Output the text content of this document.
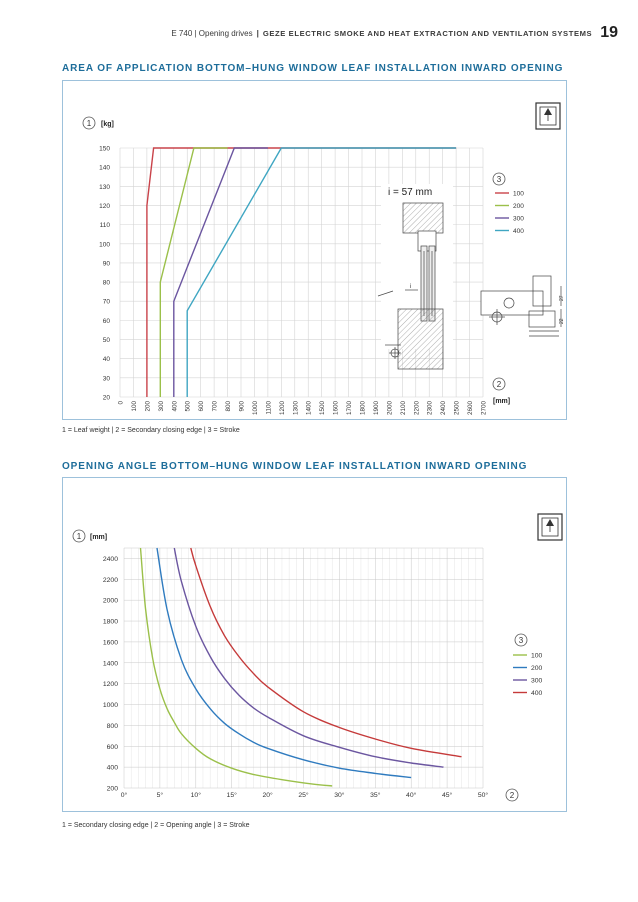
E 740 | Opening drives | GEZE ELECTRIC SMOKE AND HEAT EXTRACTION AND VENTILATION SYSTEMS 19
AREA OF APPLICATION BOTTOM–HUNG WINDOW LEAF INSTALLATION INWARD OPENING
20
30
40
50
60
70
80
90
100
110
120
130
140
150
0 100 200 300 400 500 600 700 800 900 1000 1100 1200 1300 1400 1500 1600 1700 1800 1900 2000 2100 2200 2300 2400 2500 2600 2700
100
200
300
400
1 [kg]
3
2
[mm]
i = 57 mm
i
27
22
1 = Leaf weight | 2 = Secondary closing edge | 3 = Stroke
OPENING ANGLE BOTTOM–HUNG WINDOW LEAF INSTALLATION INWARD OPENING
200
400
600
800
1000
1200
1400
1600
1800
2000
2200
2400
0°	5°	10°	15°	20°	25°	30°	35°	40°	45°	50°
100
200
300
400
1 [mm]
3
2
1 = Secondary closing edge | 2 = Opening angle | 3 = Stroke
